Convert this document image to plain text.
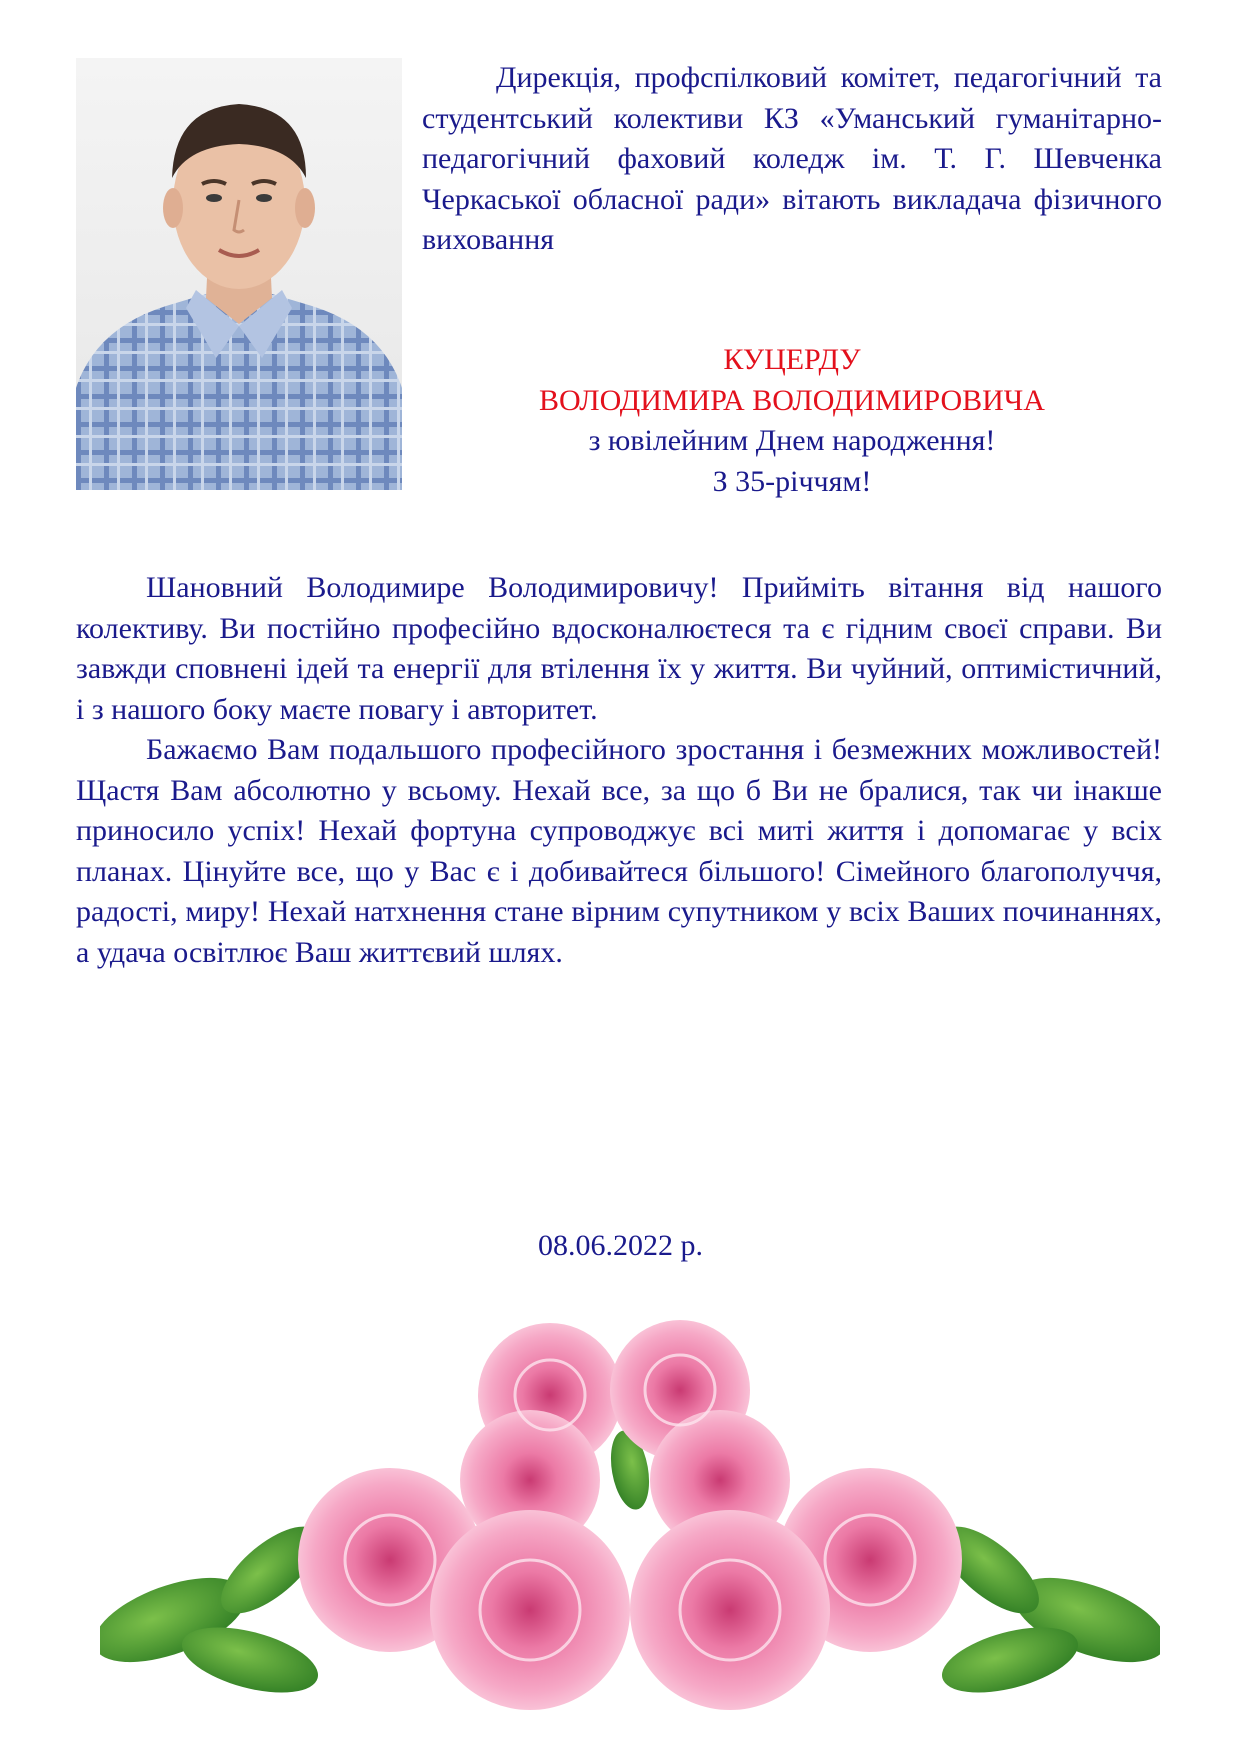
Дирекція, профспілковий комітет, педагогічний та студентський колективи КЗ «Уманський гуманітарно-педагогічний фаховий коледж ім. Т. Г. Шевченка Черкаської обласної ради» вітають викладача фізичного виховання

КУЦЕРДУ
ВОЛОДИМИРА ВОЛОДИМИРОВИЧА
з ювілейним Днем народження!
З 35-річчям!

Шановний Володимире Володимировичу! Прийміть вітання від нашого колективу. Ви постійно професійно вдосконалюєтеся та є гідним своєї справи. Ви завжди сповнені ідей та енергії для втілення їх у життя. Ви чуйний, оптимістичний, і з нашого боку маєте повагу і авторитет.

Бажаємо Вам подальшого професійного зростання і безмежних можливостей! Щастя Вам абсолютно у всьому. Нехай все, за що б Ви не бралися, так чи інакше приносило успіх! Нехай фортуна супроводжує всі миті життя і допомагає у всіх планах. Цінуйте все, що у Вас є і добивайтеся більшого! Сімейного благополуччя, радості, миру! Нехай натхнення стане вірним супутником у всіх Ваших починаннях, а удача освітлює Ваш життєвий шлях.

08.06.2022 р.
